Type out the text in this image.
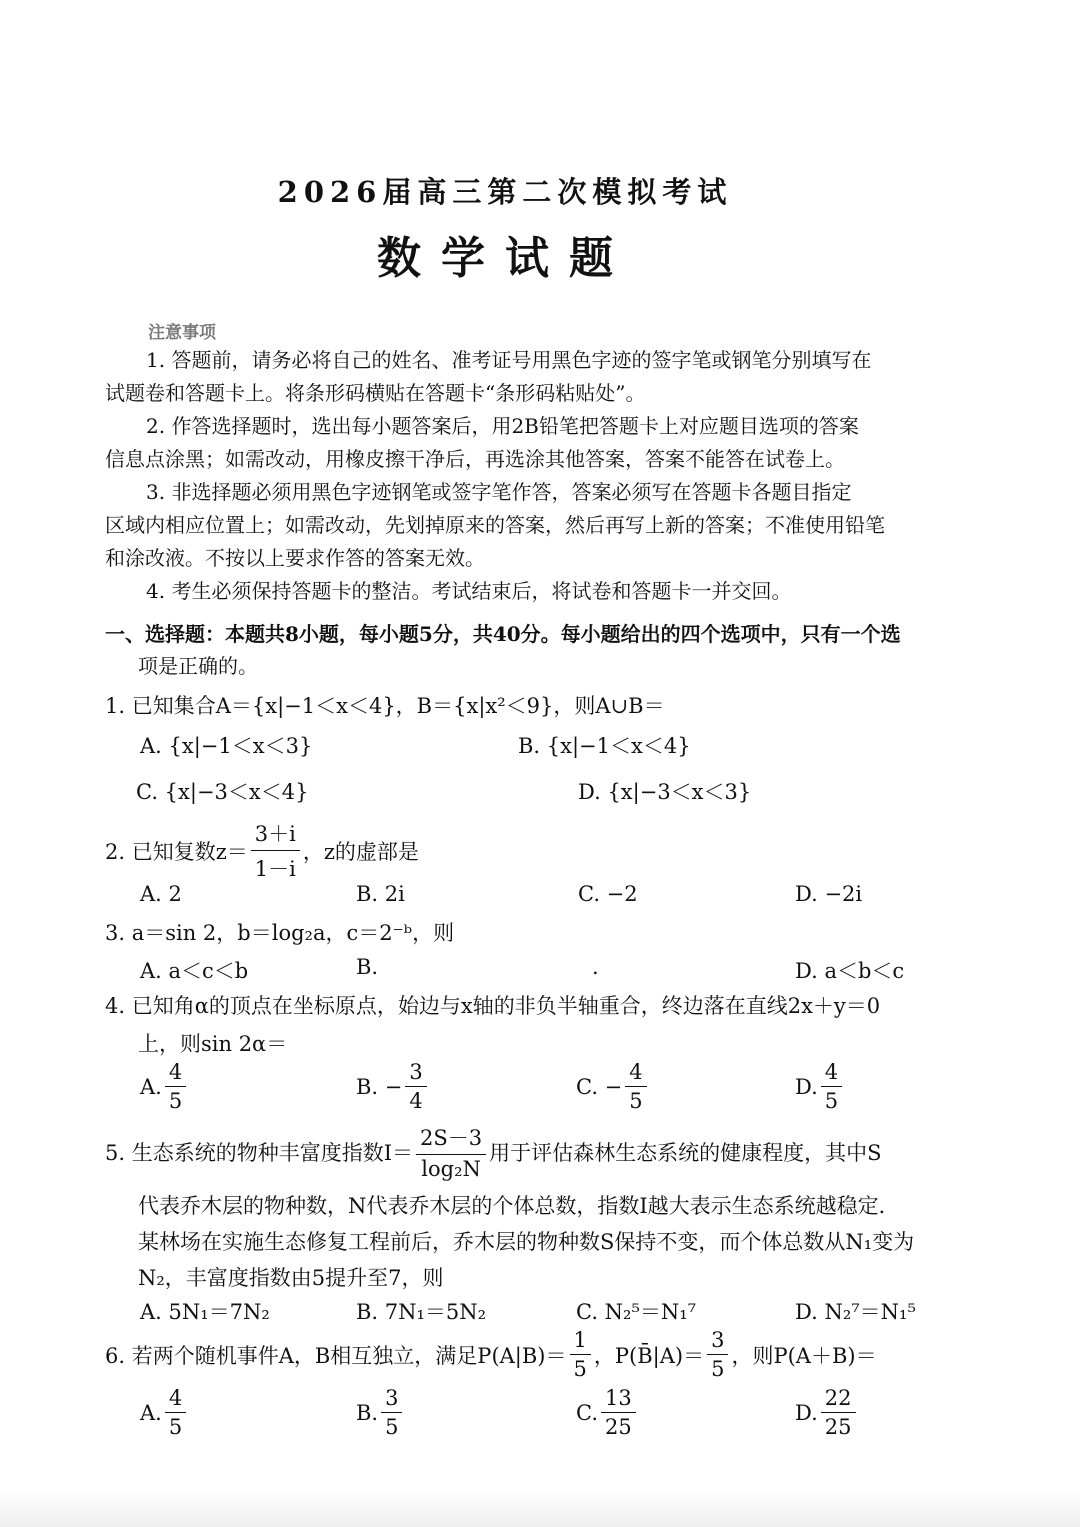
2026届高三第二次模拟考试
数学试题
注意事项
1. 答题前，请务必将自己的姓名、准考证号用黑色字迹的签字笔或钢笔分别填写在
试题卷和答题卡上。将条形码横贴在答题卡“条形码粘贴处”。
2. 作答选择题时，选出每小题答案后，用2B铅笔把答题卡上对应题目选项的答案
信息点涂黑；如需改动，用橡皮擦干净后，再选涂其他答案，答案不能答在试卷上。
3. 非选择题必须用黑色字迹钢笔或签字笔作答，答案必须写在答题卡各题目指定
区域内相应位置上；如需改动，先划掉原来的答案，然后再写上新的答案；不准使用铅笔
和涂改液。不按以上要求作答的答案无效。
4. 考生必须保持答题卡的整洁。考试结束后，将试卷和答题卡一并交回。
一、选择题：本题共8小题，每小题5分，共40分。每小题给出的四个选项中，只有一个选
项是正确的。
1. 已知集合A＝{x|−1＜x＜4}，B＝{x|x²＜9}，则A∪B＝
A. {x|−1＜x＜3}	B. {x|−1＜x＜4}
C. {x|−3＜x＜4}	D. {x|−3＜x＜3}
2. 已知复数$z= \frac{3+i}{1-i}$ ，z的虚部是
A. 2	B. 2i	C. −2	D. −2i
3. a＝sin 2，b＝log₂a，c＝2⁻ᵇ，则
A. a＜c＜b	B.	.	D. a＜b＜c
4. 已知角α的顶点在坐标原点，始边与x轴的非负半轴重合，终边落在直线2x＋y＝0
上，则sin 2α＝
A. $\frac{4}{5}$	B. − $\frac{3}{4}$	C. − $\frac{4}{5}$	D. $\frac{4}{5}$
5. 生态系统的物种丰富度指数$I= \frac{2S-3}{\text{log₂N}}$ 用于评估森林生态系统的健康程度，其中S
代表乔木层的物种数，N代表乔木层的个体总数，指数I越大表示生态系统越稳定．
某林场在实施生态修复工程前后，乔木层的物种数S保持不变，而个体总数从N₁变为
N₂，丰富度指数由5提升至7，则
A. 5N₁＝7N₂	B. 7N₁＝5N₂	C. N₂⁵＝N₁⁷	D. N₂⁷＝N₁⁵
6. 若两个随机事件A，B相互独立，满足$P(A|B)= \frac{1}{5}$ ，P(B̄|A)＝ $\frac{3}{5}$ ，则P(A＋B)＝
A. $\frac{4}{5}$	B. $\frac{3}{5}$	C. $\frac{13}{25}$	D. $\frac{22}{25}$
